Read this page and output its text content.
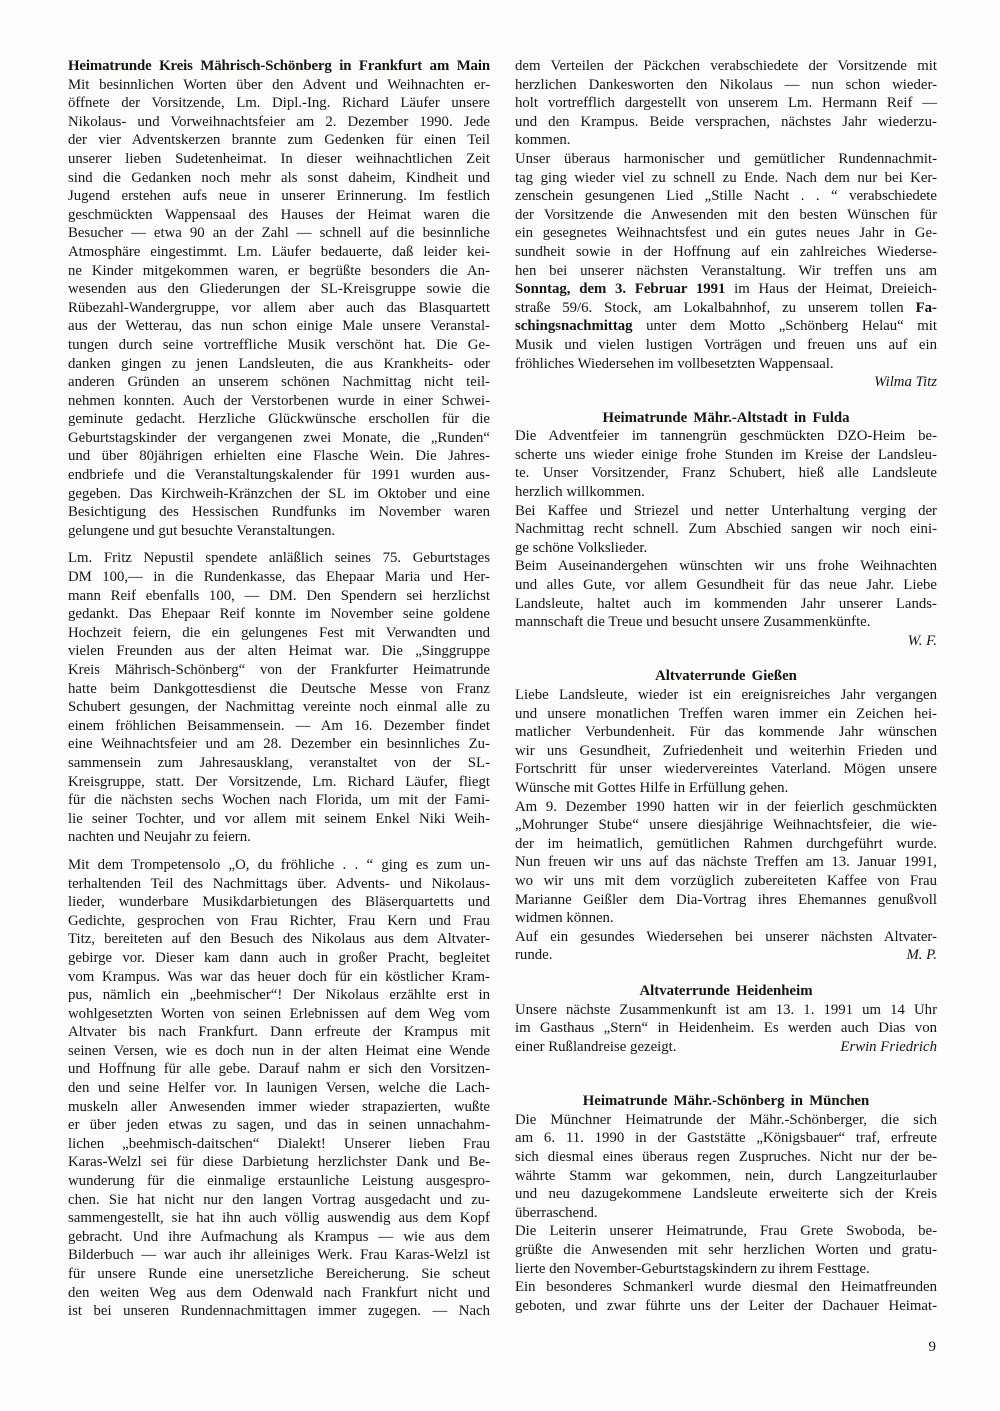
Heimatrunde Kreis Mährisch-Schönberg in Frankfurt am Main
Mit besinnlichen Worten über den Advent und Weihnachten er-
öffnete der Vorsitzende, Lm. Dipl.-Ing. Richard Läufer unsere
Nikolaus- und Vorweihnachtsfeier am 2. Dezember 1990. Jede
der vier Adventskerzen brannte zum Gedenken für einen Teil
unserer lieben Sudetenheimat. In dieser weihnachtlichen Zeit
sind die Gedanken noch mehr als sonst daheim, Kindheit und
Jugend erstehen aufs neue in unserer Erinnerung. Im festlich
geschmückten Wappensaal des Hauses der Heimat waren die
Besucher — etwa 90 an der Zahl — schnell auf die besinnliche
Atmosphäre eingestimmt. Lm. Läufer bedauerte, daß leider kei-
ne Kinder mitgekommen waren, er begrüßte besonders die An-
wesenden aus den Gliederungen der SL-Kreisgruppe sowie die
Rübezahl-Wandergruppe, vor allem aber auch das Blasquartett
aus der Wetterau, das nun schon einige Male unsere Veranstal-
tungen durch seine vortreffliche Musik verschönt hat. Die Ge-
danken gingen zu jenen Landsleuten, die aus Krankheits- oder
anderen Gründen an unserem schönen Nachmittag nicht teil-
nehmen konnten. Auch der Verstorbenen wurde in einer Schwei-
geminute gedacht. Herzliche Glückwünsche erschollen für die
Geburtstagskinder der vergangenen zwei Monate, die „Runden“
und über 80jährigen erhielten eine Flasche Wein. Die Jahres-
endbriefe und die Veranstaltungskalender für 1991 wurden aus-
gegeben. Das Kirchweih-Kränzchen der SL im Oktober und eine
Besichtigung des Hessischen Rundfunks im November waren
gelungene und gut besuchte Veranstaltungen.
Lm. Fritz Nepustil spendete anläßlich seines 75. Geburtstages
DM 100,— in die Rundenkasse, das Ehepaar Maria und Her-
mann Reif ebenfalls 100, — DM. Den Spendern sei herzlichst
gedankt. Das Ehepaar Reif konnte im November seine goldene
Hochzeit feiern, die ein gelungenes Fest mit Verwandten und
vielen Freunden aus der alten Heimat war. Die „Singgruppe
Kreis Mährisch-Schönberg“ von der Frankfurter Heimatrunde
hatte beim Dankgottesdienst die Deutsche Messe von Franz
Schubert gesungen, der Nachmittag vereinte noch einmal alle zu
einem fröhlichen Beisammensein. — Am 16. Dezember findet
eine Weihnachtsfeier und am 28. Dezember ein besinnliches Zu-
sammensein zum Jahresausklang, veranstaltet von der SL-
Kreisgruppe, statt. Der Vorsitzende, Lm. Richard Läufer, fliegt
für die nächsten sechs Wochen nach Florida, um mit der Fami-
lie seiner Tochter, und vor allem mit seinem Enkel Niki Weih-
nachten und Neujahr zu feiern.
Mit dem Trompetensolo „O, du fröhliche . . “ ging es zum un-
terhaltenden Teil des Nachmittags über. Advents- und Nikolaus-
lieder, wunderbare Musikdarbietungen des Bläserquartetts und
Gedichte, gesprochen von Frau Richter, Frau Kern und Frau
Titz, bereiteten auf den Besuch des Nikolaus aus dem Altvater-
gebirge vor. Dieser kam dann auch in großer Pracht, begleitet
vom Krampus. Was war das heuer doch für ein köstlicher Kram-
pus, nämlich ein „beehmischer“! Der Nikolaus erzählte erst in
wohlgesetzten Worten von seinen Erlebnissen auf dem Weg vom
Altvater bis nach Frankfurt. Dann erfreute der Krampus mit
seinen Versen, wie es doch nun in der alten Heimat eine Wende
und Hoffnung für alle gebe. Darauf nahm er sich den Vorsitzen-
den und seine Helfer vor. In launigen Versen, welche die Lach-
muskeln aller Anwesenden immer wieder strapazierten, wußte
er über jeden etwas zu sagen, und das in seinen unnachahm-
lichen „beehmisch-daitschen“ Dialekt! Unserer lieben Frau
Karas-Welzl sei für diese Darbietung herzlichster Dank und Be-
wunderung für die einmalige erstaunliche Leistung ausgespro-
chen. Sie hat nicht nur den langen Vortrag ausgedacht und zu-
sammengestellt, sie hat ihn auch völlig auswendig aus dem Kopf
gebracht. Und ihre Aufmachung als Krampus — wie aus dem
Bilderbuch — war auch ihr alleiniges Werk. Frau Karas-Welzl ist
für unsere Runde eine unersetzliche Bereicherung. Sie scheut
den weiten Weg aus dem Odenwald nach Frankfurt nicht und
ist bei unseren Rundennachmittagen immer zugegen. — Nach
dem Verteilen der Päckchen verabschiedete der Vorsitzende mit
herzlichen Dankesworten den Nikolaus — nun schon wieder-
holt vortrefflich dargestellt von unserem Lm. Hermann Reif —
und den Krampus. Beide versprachen, nächstes Jahr wiederzu-
kommen.
Unser überaus harmonischer und gemütlicher Rundennachmit-
tag ging wieder viel zu schnell zu Ende. Nach dem nur bei Ker-
zenschein gesungenen Lied „Stille Nacht . . “ verabschiedete
der Vorsitzende die Anwesenden mit den besten Wünschen für
ein gesegnetes Weihnachtsfest und ein gutes neues Jahr in Ge-
sundheit sowie in der Hoffnung auf ein zahlreiches Wiederse-
hen bei unserer nächsten Veranstaltung. Wir treffen uns am
Sonntag, dem 3. Februar 1991 im Haus der Heimat, Dreieich-
straße 59/6. Stock, am Lokalbahnhof, zu unserem tollen Fa-
schingsnachmittag unter dem Motto „Schönberg Helau“ mit
Musik und vielen lustigen Vorträgen und freuen uns auf ein
fröhliches Wiedersehen im vollbesetzten Wappensaal.
Wilma Titz
Heimatrunde Mähr.-Altstadt in Fulda
Die Adventfeier im tannengrün geschmückten DZO-Heim be-
scherte uns wieder einige frohe Stunden im Kreise der Landsleu-
te. Unser Vorsitzender, Franz Schubert, hieß alle Landsleute
herzlich willkommen.
Bei Kaffee und Striezel und netter Unterhaltung verging der
Nachmittag recht schnell. Zum Abschied sangen wir noch eini-
ge schöne Volkslieder.
Beim Auseinandergehen wünschten wir uns frohe Weihnachten
und alles Gute, vor allem Gesundheit für das neue Jahr. Liebe
Landsleute, haltet auch im kommenden Jahr unserer Lands-
mannschaft die Treue und besucht unsere Zusammenkünfte.
W. F.
Altvaterrunde Gießen
Liebe Landsleute, wieder ist ein ereignisreiches Jahr vergangen
und unsere monatlichen Treffen waren immer ein Zeichen hei-
matlicher Verbundenheit. Für das kommende Jahr wünschen
wir uns Gesundheit, Zufriedenheit und weiterhin Frieden und
Fortschritt für unser wiedervereintes Vaterland. Mögen unsere
Wünsche mit Gottes Hilfe in Erfüllung gehen.
Am 9. Dezember 1990 hatten wir in der feierlich geschmückten
„Mohrunger Stube“ unsere diesjährige Weihnachtsfeier, die wie-
der im heimatlich, gemütlichen Rahmen durchgeführt wurde.
Nun freuen wir uns auf das nächste Treffen am 13. Januar 1991,
wo wir uns mit dem vorzüglich zubereiteten Kaffee von Frau
Marianne Geißler dem Dia-Vortrag ihres Ehemannes genußvoll
widmen können.
Auf ein gesundes Wiedersehen bei unserer nächsten Altvater-
runde.	M. P.
Altvaterrunde Heidenheim
Unsere nächste Zusammenkunft ist am 13. 1. 1991 um 14 Uhr
im Gasthaus „Stern“ in Heidenheim. Es werden auch Dias von
einer Rußlandreise gezeigt.	Erwin Friedrich
Heimatrunde Mähr.-Schönberg in München
Die Münchner Heimatrunde der Mähr.-Schönberger, die sich
am 6. 11. 1990 in der Gaststätte „Königsbauer“ traf, erfreute
sich diesmal eines überaus regen Zuspruches. Nicht nur der be-
währte Stamm war gekommen, nein, durch Langzeiturlauber
und neu dazugekommene Landsleute erweiterte sich der Kreis
überraschend.
Die Leiterin unserer Heimatrunde, Frau Grete Swoboda, be-
grüßte die Anwesenden mit sehr herzlichen Worten und gratu-
lierte den November-Geburtstagskindern zu ihrem Festtage.
Ein besonderes Schmankerl wurde diesmal den Heimatfreunden
geboten, und zwar führte uns der Leiter der Dachauer Heimat-
9
